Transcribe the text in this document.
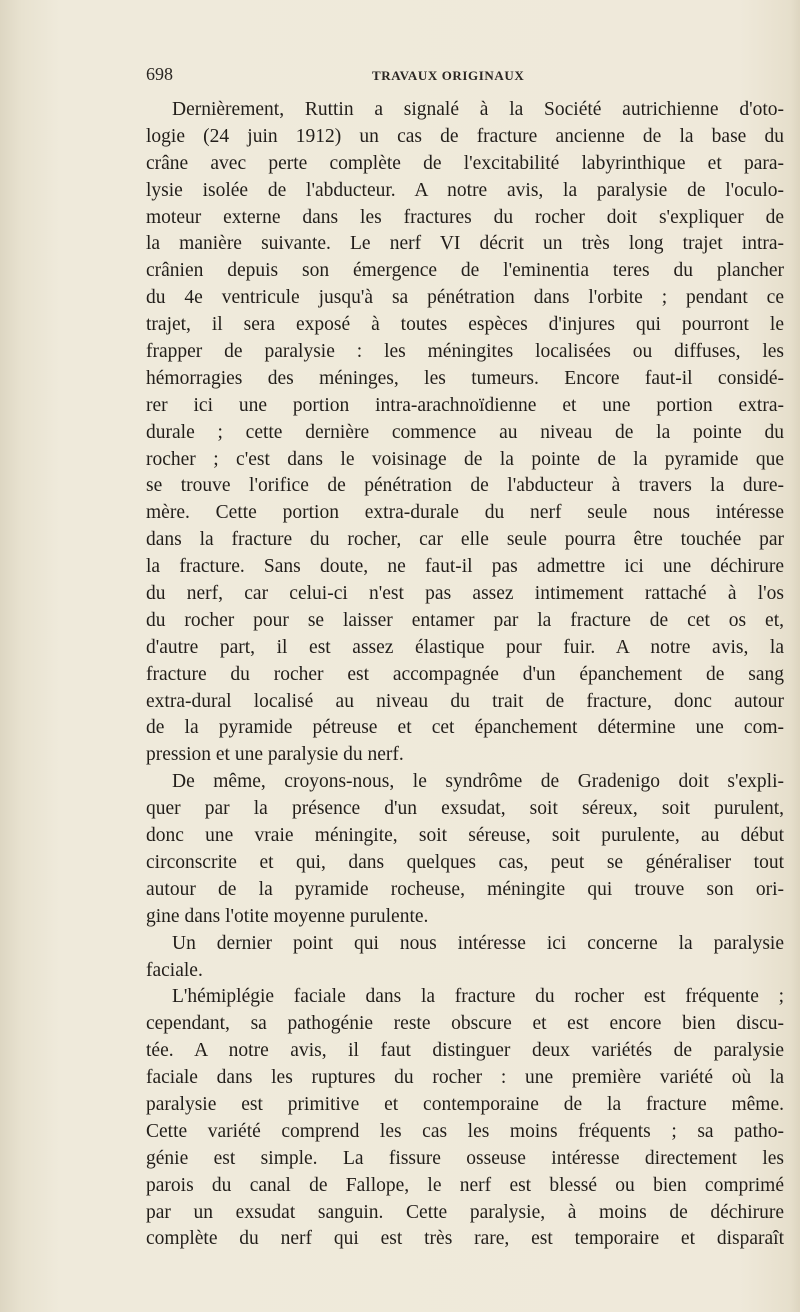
698	TRAVAUX ORIGINAUX
Dernièrement, Ruttin a signalé à la Société autrichienne d'oto-
logie (24 juin 1912) un cas de fracture ancienne de la base du
crâne avec perte complète de l'excitabilité labyrinthique et para-
lysie isolée de l'abducteur. A notre avis, la paralysie de l'oculo-
moteur externe dans les fractures du rocher doit s'expliquer de
la manière suivante. Le nerf VI décrit un très long trajet intra-
crânien depuis son émergence de l'eminentia teres du plancher
du 4e ventricule jusqu'à sa pénétration dans l'orbite ; pendant ce
trajet, il sera exposé à toutes espèces d'injures qui pourront le
frapper de paralysie : les méningites localisées ou diffuses, les
hémorragies des méninges, les tumeurs. Encore faut-il considé-
rer ici une portion intra-arachnoïdienne et une portion extra-
durale ; cette dernière commence au niveau de la pointe du
rocher ; c'est dans le voisinage de la pointe de la pyramide que
se trouve l'orifice de pénétration de l'abducteur à travers la dure-
mère. Cette portion extra-durale du nerf seule nous intéresse
dans la fracture du rocher, car elle seule pourra être touchée par
la fracture. Sans doute, ne faut-il pas admettre ici une déchirure
du nerf, car celui-ci n'est pas assez intimement rattaché à l'os
du rocher pour se laisser entamer par la fracture de cet os et,
d'autre part, il est assez élastique pour fuir. A notre avis, la
fracture du rocher est accompagnée d'un épanchement de sang
extra-dural localisé au niveau du trait de fracture, donc autour
de la pyramide pétreuse et cet épanchement détermine une com-
pression et une paralysie du nerf.
De même, croyons-nous, le syndrôme de Gradenigo doit s'expli-
quer par la présence d'un exsudat, soit séreux, soit purulent,
donc une vraie méningite, soit séreuse, soit purulente, au début
circonscrite et qui, dans quelques cas, peut se généraliser tout
autour de la pyramide rocheuse, méningite qui trouve son ori-
gine dans l'otite moyenne purulente.
Un dernier point qui nous intéresse ici concerne la paralysie
faciale.
L'hémiplégie faciale dans la fracture du rocher est fréquente ;
cependant, sa pathogénie reste obscure et est encore bien discu-
tée. A notre avis, il faut distinguer deux variétés de paralysie
faciale dans les ruptures du rocher : une première variété où la
paralysie est primitive et contemporaine de la fracture même.
Cette variété comprend les cas les moins fréquents ; sa patho-
génie est simple. La fissure osseuse intéresse directement les
parois du canal de Fallope, le nerf est blessé ou bien comprimé
par un exsudat sanguin. Cette paralysie, à moins de déchirure
complète du nerf qui est très rare, est temporaire et disparaît
